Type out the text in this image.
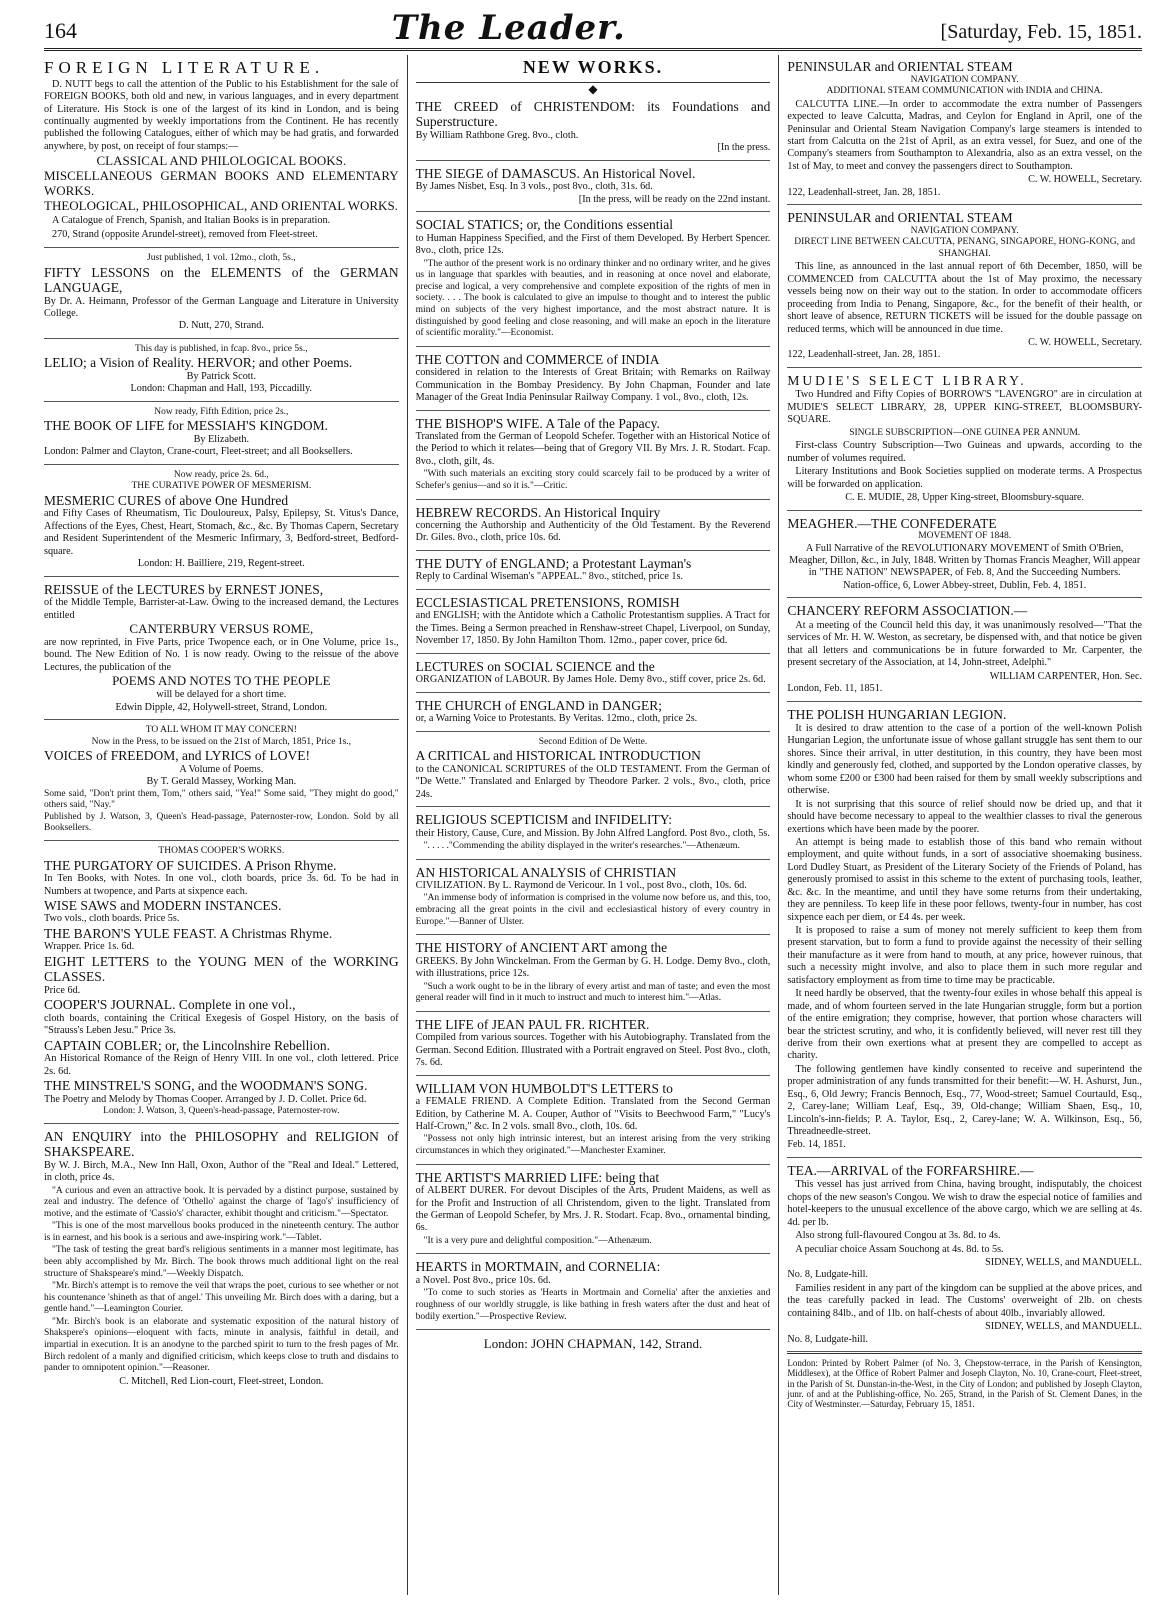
164	The Leader.	[Saturday, Feb. 15, 1851.
FOREIGN LITERATURE.

D. NUTT begs to call the attention of the Public to his Establishment for the sale of FOREIGN BOOKS, both old and new, in various languages, and in every department of Literature. His Stock is one of the largest of its kind in London, and is being continually augmented by weekly importations from the Continent. He has recently published the following Catalogues, either of which may be had gratis, and forwarded anywhere, by post, on receipt of four stamps:—

CLASSICAL AND PHILOLOGICAL BOOKS.
MISCELLANEOUS GERMAN BOOKS AND ELEMENTARY WORKS.
THEOLOGICAL, PHILOSOPHICAL, AND ORIENTAL WORKS.

A Catalogue of French, Spanish, and Italian Books is in preparation.

270, Strand (opposite Arundel-street), removed from Fleet-street.

Just published, 1 vol. 12mo., cloth, 5s.,
FIFTY LESSONS on the ELEMENTS of the GERMAN LANGUAGE,
By Dr. A. Heimann, Professor of the German Language and Literature in University College.
D. Nutt, 270, Strand.
This day is published, in fcap. 8vo., price 5s.,
LELIO; a Vision of Reality. HERVOR; and other Poems.
By Patrick Scott.
London: Chapman and Hall, 193, Piccadilly.
Now ready, Fifth Edition, price 2s.,
THE BOOK OF LIFE for MESSIAH'S KINGDOM.
By Elizabeth.
London: Palmer and Clayton, Crane-court, Fleet-street; and all Booksellers.
Now ready, price 2s. 6d.,
THE CURATIVE POWER OF MESMERISM.
MESMERIC CURES of above One Hundred
and Fifty Cases of Rheumatism, Tic Douloureux, Palsy, Epilepsy, St. Vitus's Dance, Affections of the Eyes, Chest, Heart, Stomach, &c., &c. By Thomas Capern, Secretary and Resident Superintendent of the Mesmeric Infirmary, 3, Bedford-street, Bedford-square.
London: H. Bailliere, 219, Regent-street.
REISSUE of the LECTURES by ERNEST JONES,
of the Middle Temple, Barrister-at-Law. Owing to the increased demand, the Lectures entitled
CANTERBURY VERSUS ROME,
are now reprinted, in Five Parts, price Twopence each, or in One Volume, price 1s., bound. The New Edition of No. 1 is now ready. Owing to the reissue of the above Lectures, the publication of the
POEMS AND NOTES TO THE PEOPLE
will be delayed for a short time.
Edwin Dipple, 42, Holywell-street, Strand, London.
TO ALL WHOM IT MAY CONCERN!
Now in the Press, to be issued on the 21st of March, 1851, Price 1s.,
VOICES of FREEDOM, and LYRICS of LOVE!
A Volume of Poems.
By T. Gerald Massey, Working Man.
Some said, "Don't print them, Tom," others said, "Yea!" Some said, "They might do good," others said, "Nay."
Published by J. Watson, 3, Queen's Head-passage, Paternoster-row, London. Sold by all Booksellers.
THOMAS COOPER'S WORKS.
THE PURGATORY OF SUICIDES. A Prison Rhyme.
In Ten Books, with Notes. In one vol., cloth boards, price 3s. 6d. To be had in Numbers at twopence, and Parts at sixpence each.
WISE SAWS and MODERN INSTANCES.
Two vols., cloth boards. Price 5s.
THE BARON'S YULE FEAST. A Christmas Rhyme.
Wrapper. Price 1s. 6d.
EIGHT LETTERS to the YOUNG MEN of the WORKING CLASSES.
Price 6d.
COOPER'S JOURNAL. Complete in one vol.,
cloth boards, containing the Critical Exegesis of Gospel History, on the basis of "Strauss's Leben Jesu." Price 3s.
CAPTAIN COBLER; or, the Lincolnshire Rebellion.
An Historical Romance of the Reign of Henry VIII. In one vol., cloth lettered. Price 2s. 6d.
THE MINSTREL'S SONG, and the WOODMAN'S SONG.
The Poetry and Melody by Thomas Cooper. Arranged by J. D. Collet. Price 6d.
London: J. Watson, 3, Queen's-head-passage, Paternoster-row.
AN ENQUIRY into the PHILOSOPHY and RELIGION of SHAKSPEARE.
By W. J. Birch, M.A., New Inn Hall, Oxon, Author of the "Real and Ideal." Lettered, in cloth, price 4s.

"A curious and even an attractive book. It is pervaded by a distinct purpose, sustained by zeal and industry. The defence of 'Othello' against the charge of 'Iago's' insufficiency of motive, and the estimate of 'Cassio's' character, exhibit thought and criticism."—Spectator.

"This is one of the most marvellous books produced in the nineteenth century. The author is in earnest, and his book is a serious and awe-inspiring work."—Tablet.

"The task of testing the great bard's religious sentiments in a manner most legitimate, has been ably accomplished by Mr. Birch. The book throws much additional light on the real structure of Shakspeare's mind."—Weekly Dispatch.

"Mr. Birch's attempt is to remove the veil that wraps the poet, curious to see whether or not his countenance 'shineth as that of angel.' This unveiling Mr. Birch does with a daring, but a gentle hand."—Leamington Courier.

"Mr. Birch's book is an elaborate and systematic exposition of the natural history of Shakspere's opinions—eloquent with facts, minute in analysis, faithful in detail, and impartial in execution. It is an anodyne to the parched spirit to turn to the fresh pages of Mr. Birch redolent of a manly and dignified criticism, which keeps close to truth and disdains to pander to omnipotent opinion."—Reasoner.

C. Mitchell, Red Lion-court, Fleet-street, London.
NEW WORKS.
◆
THE CREED of CHRISTENDOM: its Foundations and Superstructure.
By William Rathbone Greg. 8vo., cloth.
[In the press.
THE SIEGE of DAMASCUS. An Historical Novel.
By James Nisbet, Esq. In 3 vols., post 8vo., cloth, 31s. 6d.
[In the press, will be ready on the 22nd instant.
SOCIAL STATICS; or, the Conditions essential
to Human Happiness Specified, and the First of them Developed. By Herbert Spencer. 8vo., cloth, price 12s.

"The author of the present work is no ordinary thinker and no ordinary writer, and he gives us in language that sparkles with beauties, and in reasoning at once novel and elaborate, precise and logical, a very comprehensive and complete exposition of the rights of men in society. . . . The book is calculated to give an impulse to thought and to interest the public mind on subjects of the very highest importance, and the most abstract nature. It is distinguished by good feeling and close reasoning, and will make an epoch in the literature of scientific morality."—Economist.

THE COTTON and COMMERCE of INDIA
considered in relation to the Interests of Great Britain; with Remarks on Railway Communication in the Bombay Presidency. By John Chapman, Founder and late Manager of the Great India Peninsular Railway Company. 1 vol., 8vo., cloth, 12s.
THE BISHOP'S WIFE. A Tale of the Papacy.
Translated from the German of Leopold Schefer. Together with an Historical Notice of the Period to which it relates—being that of Gregory VII. By Mrs. J. R. Stodart. Fcap. 8vo., cloth, gilt, 4s.

"With such materials an exciting story could scarcely fail to be produced by a writer of Schefer's genius—and so it is."—Critic.

HEBREW RECORDS. An Historical Inquiry
concerning the Authorship and Authenticity of the Old Testament. By the Reverend Dr. Giles. 8vo., cloth, price 10s. 6d.
THE DUTY of ENGLAND; a Protestant Layman's
Reply to Cardinal Wiseman's "APPEAL." 8vo., stitched, price 1s.
ECCLESIASTICAL PRETENSIONS, ROMISH
and ENGLISH; with the Antidote which a Catholic Protestantism supplies. A Tract for the Times. Being a Sermon preached in Renshaw-street Chapel, Liverpool, on Sunday, November 17, 1850. By John Hamilton Thom. 12mo., paper cover, price 6d.
LECTURES on SOCIAL SCIENCE and the
ORGANIZATION of LABOUR. By James Hole. Demy 8vo., stiff cover, price 2s. 6d.
THE CHURCH of ENGLAND in DANGER;
or, a Warning Voice to Protestants. By Veritas. 12mo., cloth, price 2s.
Second Edition of De Wette.
A CRITICAL and HISTORICAL INTRODUCTION
to the CANONICAL SCRIPTURES of the OLD TESTAMENT. From the German of "De Wette." Translated and Enlarged by Theodore Parker. 2 vols., 8vo., cloth, price 24s.
RELIGIOUS SCEPTICISM and INFIDELITY:
their History, Cause, Cure, and Mission. By John Alfred Langford. Post 8vo., cloth, 5s.

". . . . ."Commending the ability displayed in the writer's researches."—Athenæum.

AN HISTORICAL ANALYSIS of CHRISTIAN
CIVILIZATION. By L. Raymond de Vericour. In 1 vol., post 8vo., cloth, 10s. 6d.

"An immense body of information is comprised in the volume now before us, and this, too, embracing all the great points in the civil and ecclesiastical history of every country in Europe."—Banner of Ulster.

THE HISTORY of ANCIENT ART among the
GREEKS. By John Winckelman. From the German by G. H. Lodge. Demy 8vo., cloth, with illustrations, price 12s.

"Such a work ought to be in the library of every artist and man of taste; and even the most general reader will find in it much to instruct and much to interest him."—Atlas.

THE LIFE of JEAN PAUL FR. RICHTER.
Compiled from various sources. Together with his Autobiography. Translated from the German. Second Edition. Illustrated with a Portrait engraved on Steel. Post 8vo., cloth, 7s. 6d.
WILLIAM VON HUMBOLDT'S LETTERS to
a FEMALE FRIEND. A Complete Edition. Translated from the Second German Edition, by Catherine M. A. Couper, Author of "Visits to Beechwood Farm," "Lucy's Half-Crown," &c. In 2 vols. small 8vo., cloth, 10s. 6d.

"Possess not only high intrinsic interest, but an interest arising from the very striking circumstances in which they originated."—Manchester Examiner.

THE ARTIST'S MARRIED LIFE: being that
of ALBERT DURER. For devout Disciples of the Arts, Prudent Maidens, as well as for the Profit and Instruction of all Christendom, given to the light. Translated from the German of Leopold Schefer, by Mrs. J. R. Stodart. Fcap. 8vo., ornamental binding, 6s.

"It is a very pure and delightful composition."—Athenæum.

HEARTS in MORTMAIN, and CORNELIA:
a Novel. Post 8vo., price 10s. 6d.

"To come to such stories as 'Hearts in Mortmain and Cornelia' after the anxieties and roughness of our worldly struggle, is like bathing in fresh waters after the dust and heat of bodily exertion."—Prospective Review.

London: JOHN CHAPMAN, 142, Strand.
PENINSULAR and ORIENTAL STEAM
NAVIGATION COMPANY.
ADDITIONAL STEAM COMMUNICATION with INDIA and CHINA.

CALCUTTA LINE.—In order to accommodate the extra number of Passengers expected to leave Calcutta, Madras, and Ceylon for England in April, one of the Peninsular and Oriental Steam Navigation Company's large steamers is intended to start from Calcutta on the 21st of April, as an extra vessel, for Suez, and one of the Company's steamers from Southampton to Alexandria, also as an extra vessel, on the 1st of May, to meet and convey the passengers direct to Southampton.

C. W. HOWELL, Secretary.
122, Leadenhall-street, Jan. 28, 1851.
PENINSULAR and ORIENTAL STEAM
NAVIGATION COMPANY.
DIRECT LINE BETWEEN CALCUTTA, PENANG, SINGAPORE, HONG-KONG, and SHANGHAI.

This line, as announced in the last annual report of 6th December, 1850, will be COMMENCED from CALCUTTA about the 1st of May proximo, the necessary vessels being now on their way out to the station. In order to accommodate officers proceeding from India to Penang, Singapore, &c., for the benefit of their health, or short leave of absence, RETURN TICKETS will be issued for the double passage on reduced terms, which will be announced in due time.

C. W. HOWELL, Secretary.
122, Leadenhall-street, Jan. 28, 1851.
MUDIE'S SELECT LIBRARY.

Two Hundred and Fifty Copies of BORROW'S "LAVENGRO" are in circulation at MUDIE'S SELECT LIBRARY, 28, UPPER KING-STREET, BLOOMSBURY-SQUARE.

SINGLE SUBSCRIPTION—ONE GUINEA PER ANNUM.

First-class Country Subscription—Two Guineas and upwards, according to the number of volumes required.

Literary Institutions and Book Societies supplied on moderate terms. A Prospectus will be forwarded on application.

C. E. MUDIE, 28, Upper King-street, Bloomsbury-square.
MEAGHER.—THE CONFEDERATE
MOVEMENT OF 1848.
A Full Narrative of the REVOLUTIONARY MOVEMENT of Smith O'Brien, Meagher, Dillon, &c., in July, 1848. Written by Thomas Francis Meagher, Will appear in "THE NATION" NEWSPAPER, of Feb. 8, And the Succeeding Numbers.
Nation-office, 6, Lower Abbey-street, Dublin, Feb. 4, 1851.
CHANCERY REFORM ASSOCIATION.—

At a meeting of the Council held this day, it was unanimously resolved—"That the services of Mr. H. W. Weston, as secretary, be dispensed with, and that notice be given that all letters and communications be in future forwarded to Mr. Carpenter, the present secretary of the Association, at 14, John-street, Adelphi."

WILLIAM CARPENTER, Hon. Sec.
London, Feb. 11, 1851.
THE POLISH HUNGARIAN LEGION.

It is desired to draw attention to the case of a portion of the well-known Polish Hungarian Legion, the unfortunate issue of whose gallant struggle has sent them to our shores. Since their arrival, in utter destitution, in this country, they have been most kindly and generously fed, clothed, and supported by the London operative classes, by whom some £200 or £300 had been raised for them by small weekly subscriptions and otherwise.

It is not surprising that this source of relief should now be dried up, and that it should have become necessary to appeal to the wealthier classes to rival the generous exertions which have been made by the poorer.

An attempt is being made to establish those of this band who remain without employment, and quite without funds, in a sort of associative shoemaking business. Lord Dudley Stuart, as President of the Literary Society of the Friends of Poland, has generously promised to assist in this scheme to the extent of purchasing tools, leather, &c. &c. In the meantime, and until they have some returns from their undertaking, they are penniless. To keep life in these poor fellows, twenty-four in number, has cost sixpence each per diem, or £4 4s. per week.

It is proposed to raise a sum of money not merely sufficient to keep them from present starvation, but to form a fund to provide against the necessity of their selling their manufacture as it were from hand to mouth, at any price, however ruinous, that such a necessity might involve, and also to place them in such more regular and satisfactory employment as from time to time may be practicable.

It need hardly be observed, that the twenty-four exiles in whose behalf this appeal is made, and of whom fourteen served in the late Hungarian struggle, form but a portion of the entire emigration; they comprise, however, that portion whose characters will bear the strictest scrutiny, and who, it is confidently believed, will never rest till they derive from their own exertions what at present they are compelled to accept as charity.

The following gentlemen have kindly consented to receive and superintend the proper administration of any funds transmitted for their benefit:—W. H. Ashurst, Jun., Esq., 6, Old Jewry; Francis Bennoch, Esq., 77, Wood-street; Samuel Courtauld, Esq., 2, Carey-lane; William Leaf, Esq., 39, Old-change; William Shaen, Esq., 10, Lincoln's-inn-fields; P. A. Taylor, Esq., 2, Carey-lane; W. A. Wilkinson, Esq., 56, Threadneedle-street.

Feb. 14, 1851.
TEA.—ARRIVAL of the FORFARSHIRE.—

This vessel has just arrived from China, having brought, indisputably, the choicest chops of the new season's Congou. We wish to draw the especial notice of families and hotel-keepers to the unusual excellence of the above cargo, which we are selling at 4s. 4d. per lb.

Also strong full-flavoured Congou at 3s. 8d. to 4s.

A peculiar choice Assam Souchong at 4s. 8d. to 5s.

SIDNEY, WELLS, and MANDUELL.
No. 8, Ludgate-hill.

Families resident in any part of the kingdom can be supplied at the above prices, and the teas carefully packed in lead. The Customs' overweight of 2lb. on chests containing 84lb., and of 1lb. on half-chests of about 40lb., invariably allowed.

SIDNEY, WELLS, and MANDUELL.
No. 8, Ludgate-hill.
London: Printed by Robert Palmer (of No. 3, Chepstow-terrace, in the Parish of Kensington, Middlesex), at the Office of Robert Palmer and Joseph Clayton, No. 10, Crane-court, Fleet-street, in the Parish of St. Dunstan-in-the-West, in the City of London; and published by Joseph Clayton, junr. of and at the Publishing-office, No. 265, Strand, in the Parish of St. Clement Danes, in the City of Westminster.—Saturday, February 15, 1851.
